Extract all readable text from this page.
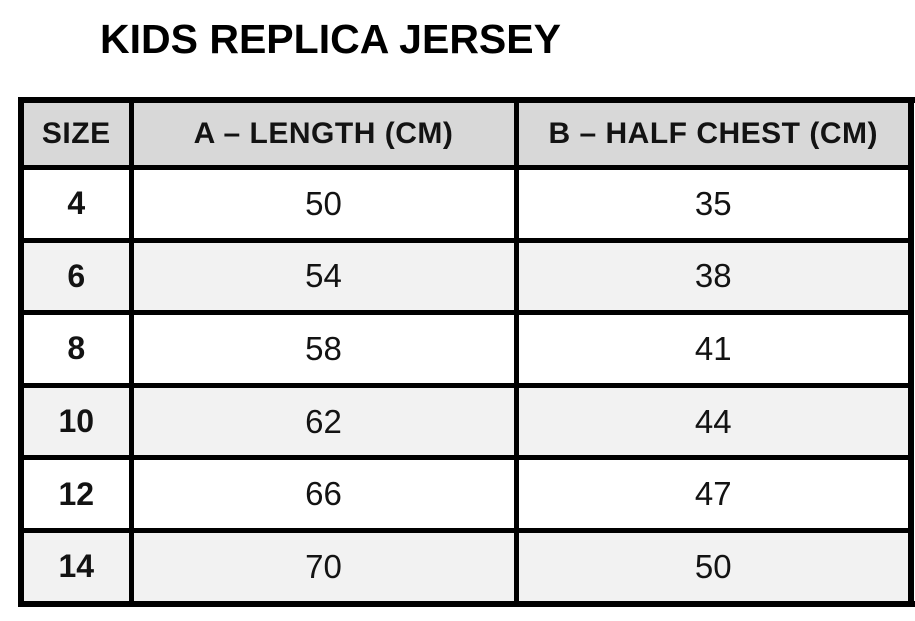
KIDS REPLICA JERSEY
SIZE	A – LENGTH (CM)	B – HALF CHEST (CM)
4	50	35
6	54	38
8	58	41
10	62	44
12	66	47
14	70	50
